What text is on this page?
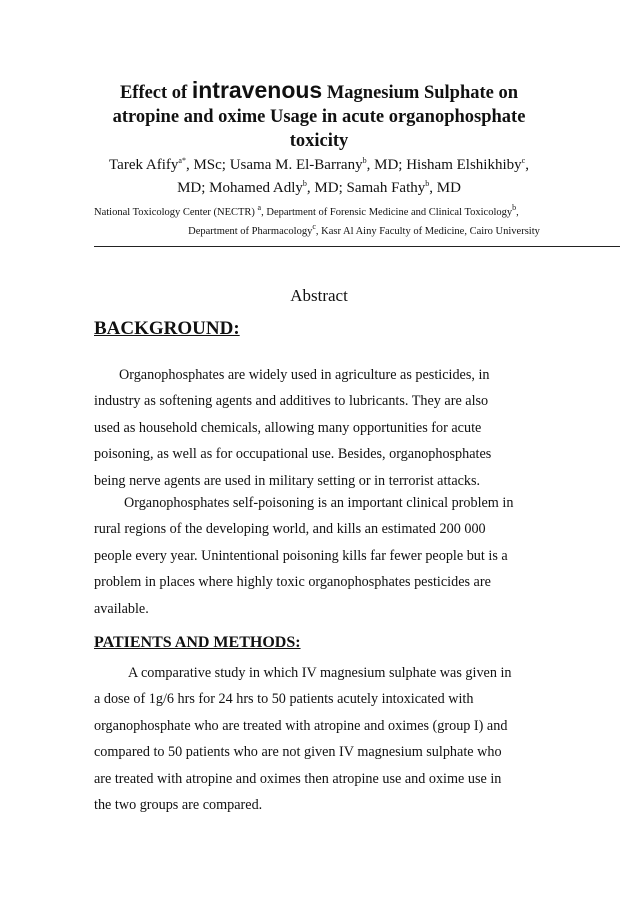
Effect of intravenous Magnesium Sulphate on
atropine and oxime Usage in acute organophosphate
toxicity
Tarek Afify$^{a*}$, MSc; Usama M. El-Barrany$^b$, MD; Hisham Elshikhiby$^c$,
MD; Mohamed Adly$^b$, MD; Samah Fathy$^b$, MD
National Toxicology Center (NECTR) $^a$, Department of Forensic Medicine and Clinical Toxicology$^b$,
Department of Pharmacology$^c$, Kasr Al Ainy Faculty of Medicine, Cairo University
Abstract
BACKGROUND:
Organophosphates are widely used in agriculture as pesticides, in
industry as softening agents and additives to lubricants. They are also
used as household chemicals, allowing many opportunities for acute
poisoning, as well as for occupational use. Besides, organophosphates
being nerve agents are used in military setting or in terrorist attacks.
Organophosphates self-poisoning is an important clinical problem in
rural regions of the developing world, and kills an estimated 200 000
people every year. Unintentional poisoning kills far fewer people but is a
problem in places where highly toxic organophosphates pesticides are
available.
PATIENTS AND METHODS:
A comparative study in which IV magnesium sulphate was given in
a dose of 1g/6 hrs for 24 hrs to 50 patients acutely intoxicated with
organophosphate who are treated with atropine and oximes (group I) and
compared to 50 patients who are not given IV magnesium sulphate who
are treated with atropine and oximes then atropine use and oxime use in
the two groups are compared.
